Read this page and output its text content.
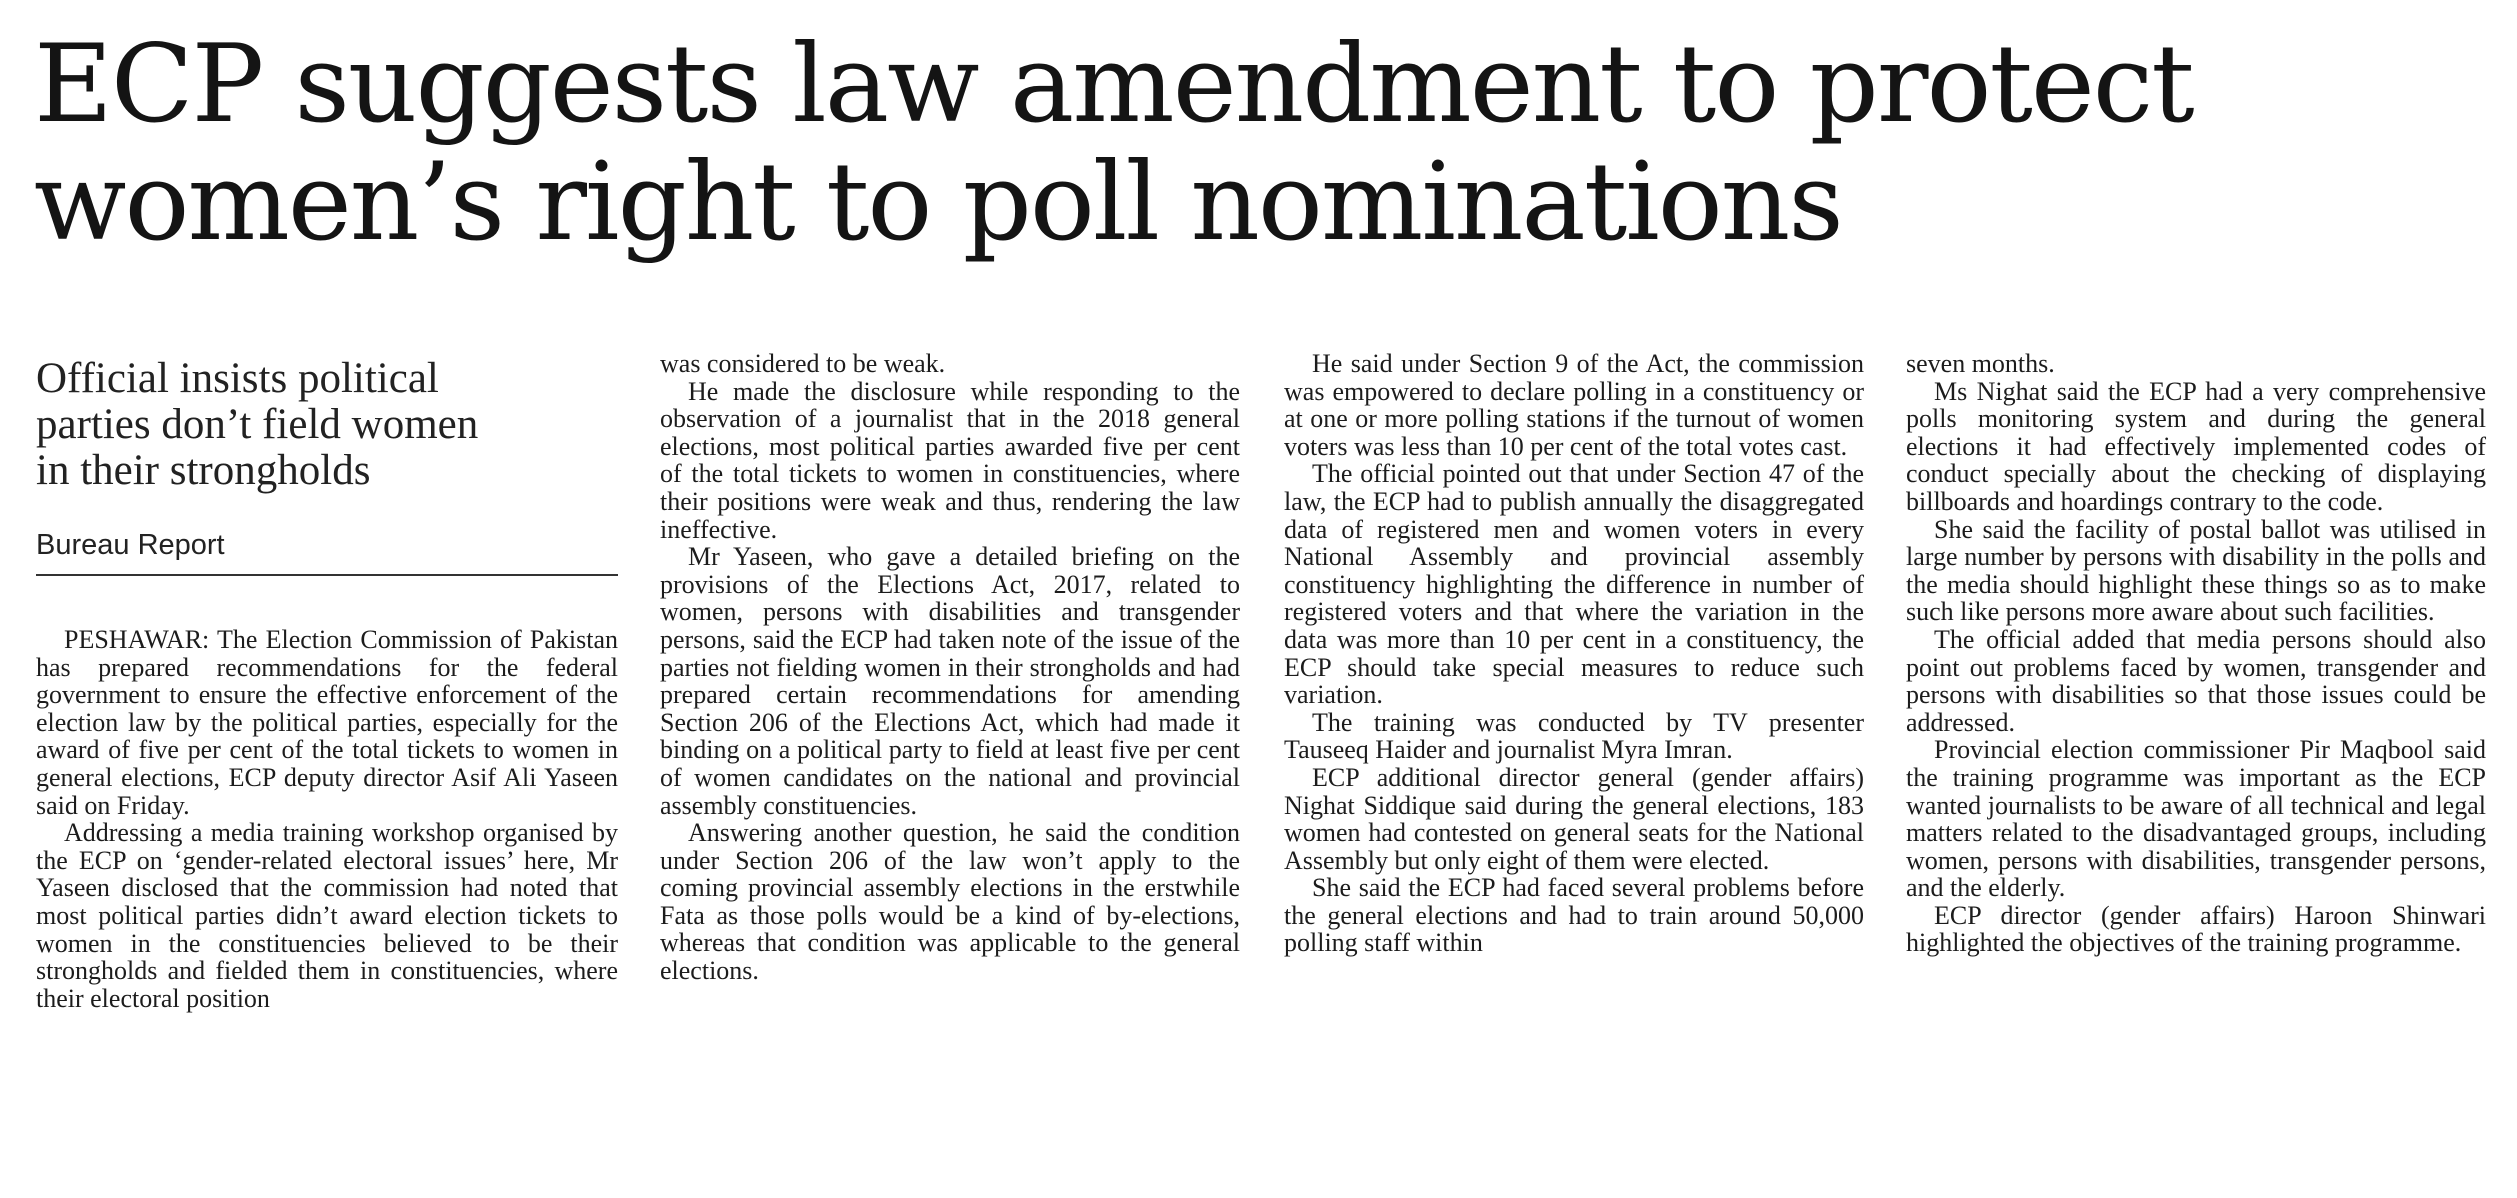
ECP suggests law amendment to protect
women’s right to poll nominations
Official insists political
parties don’t field women
in their strongholds
Bureau Report

PESHAWAR: The Election Commission of Pakistan has prepared recommendations for the federal government to ensure the effective enforcement of the election law by the political parties, especially for the award of five per cent of the total tickets to women in general elections, ECP deputy director Asif Ali Yaseen said on Friday.

Addressing a media training workshop organised by the ECP on ‘gender-related electoral issues’ here, Mr Yaseen disclosed that the commission had noted that most political parties didn’t award election tickets to women in the constituencies believed to be their strongholds and fielded them in constituencies, where their electoral position

was considered to be weak.

He made the disclosure while responding to the observation of a journalist that in the 2018 general elections, most political parties awarded five per cent of the total tickets to women in constituencies, where their positions were weak and thus, rendering the law ineffective.

Mr Yaseen, who gave a detailed briefing on the provisions of the Elections Act, 2017, related to women, persons with disabilities and transgender persons, said the ECP had taken note of the issue of the parties not fielding women in their strongholds and had prepared certain recommendations for amending Section 206 of the Elections Act, which had made it binding on a political party to field at least five per cent of women candidates on the national and provincial assembly constituencies.

Answering another question, he said the condition under Section 206 of the law won’t apply to the coming provincial assembly elections in the erstwhile Fata as those polls would be a kind of by-elections, whereas that condition was applicable to the general elections.

He said under Section 9 of the Act, the commission was empowered to declare polling in a constituency or at one or more polling stations if the turnout of women voters was less than 10 per cent of the total votes cast.

The official pointed out that under Section 47 of the law, the ECP had to publish annually the disaggregated data of registered men and women voters in every National Assembly and provincial assembly constituency highlighting the difference in number of registered voters and that where the variation in the data was more than 10 per cent in a constituency, the ECP should take special measures to reduce such variation.

The training was conducted by TV presenter Tauseeq Haider and journalist Myra Imran.

ECP additional director general (gender affairs) Nighat Siddique said during the general elections, 183 women had contested on general seats for the National Assembly but only eight of them were elected.

She said the ECP had faced several problems before the general elections and had to train around 50,000 polling staff within

seven months.

Ms Nighat said the ECP had a very comprehensive polls monitoring system and during the general elections it had effectively implemented codes of conduct specially about the checking of displaying billboards and hoardings contrary to the code.

She said the facility of postal ballot was utilised in large number by persons with disability in the polls and the media should highlight these things so as to make such like persons more aware about such facilities.

The official added that media persons should also point out problems faced by women, transgender and persons with disabilities so that those issues could be addressed.

Provincial election commissioner Pir Maqbool said the training programme was important as the ECP wanted journalists to be aware of all technical and legal matters related to the disadvantaged groups, including women, persons with disabilities, transgender persons, and the elderly.

ECP director (gender affairs) Haroon Shinwari highlighted the objectives of the training programme.
